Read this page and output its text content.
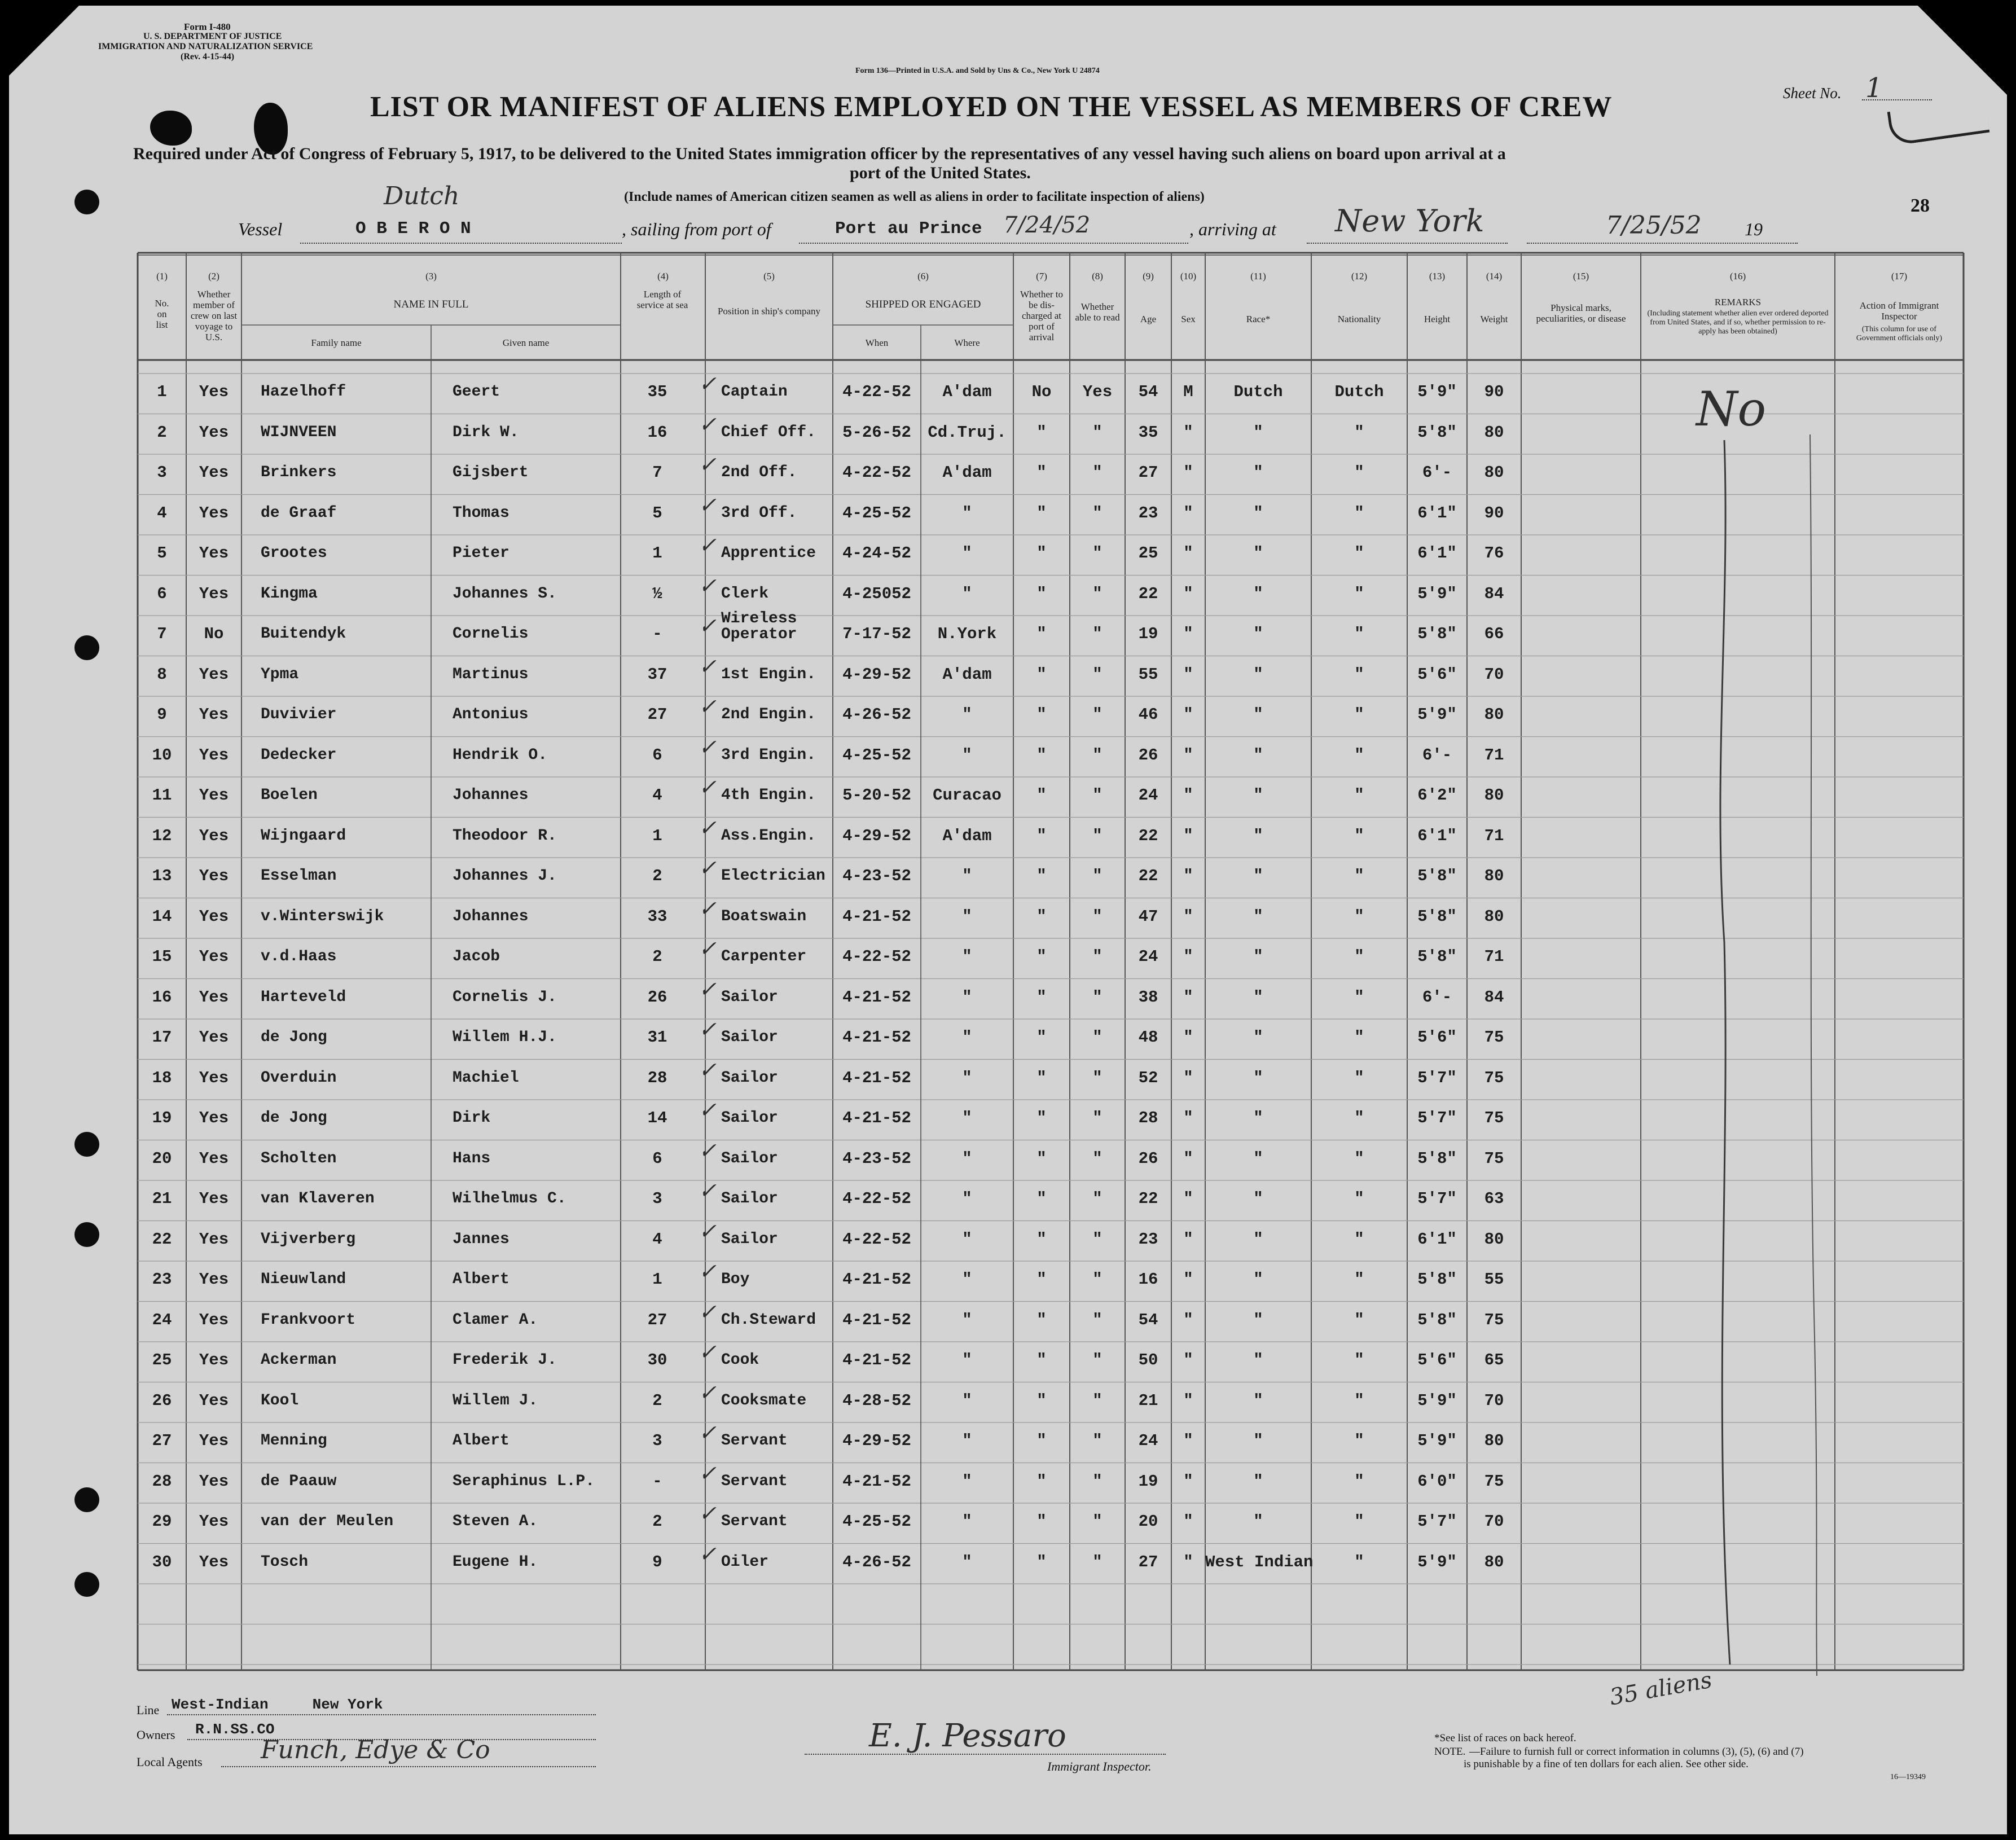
Form I-480
U. S. DEPARTMENT OF JUSTICE
IMMIGRATION AND NATURALIZATION SERVICE
(Rev. 4-15-44)
Form 136—Printed in U.S.A. and Sold by Uns & Co., New York U 24874
Sheet No. 1
LIST OR MANIFEST OF ALIENS EMPLOYED ON THE VESSEL AS MEMBERS OF CREW
Required under Act of Congress of February 5, 1917, to be delivered to the United States immigration officer by the representatives of any vessel having such aliens on board upon arrival at a
port of the United States.
(Include names of American citizen seamen as well as aliens in order to facilitate inspection of aliens)	28
Vessel
Dutch
O B E R O N	, sailing from port of	Port au Prince 7/24/52	, arriving at New York	7/25/52 19
(1)	(2)	(3)	(4)	(5)	(6)	(7)	(8)	(9)	(10)	(11)	(12)	(13)	(14)	(15)	(16)	(17)
No. on list
Whether member of crew on last voyage to U.S.
NAME IN FULL
Family name	Given name
Length of service at sea
Position in ship's company
SHIPPED OR ENGAGED
When	Where
Whether to be dis-charged at port of arrival
Whether able to read	Age	Sex	Race*	Nationality	Height	Weight
Physical marks, peculiarities, or disease
REMARKS
(Including statement whether alien ever ordered deported from United States, and if so, whether permission to re-apply has been obtained)
Action of Immigrant Inspector
(This column for use of Government officials only)
1	Yes	Hazelhoff	Geert	35	Captain	4-22-52	A'dam	No	Yes	54	M	Dutch	Dutch	5'9"	90
✓
2	Yes	WIJNVEEN	Dirk W.	16	Chief Off.	5-26-52	Cd.Truj.	"	"	35	"	"	"	5'8"	80
✓
3	Yes	Brinkers	Gijsbert	7	2nd Off.	4-22-52	A'dam	"	"	27	"	"	"	6'-	80
✓
4	Yes	de Graaf	Thomas	5	3rd Off.	4-25-52	"	"	"	23	"	"	"	6'1"	90
✓
5	Yes	Grootes	Pieter	1	Apprentice	4-24-52	"	"	"	25	"	"	"	6'1"	76
✓
6	Yes	Kingma	Johannes S.	½	Clerk	4-25052	"	"	"	22	"	"	"	5'9"	84
✓
7	No	Buitendyk	Cornelis	-
Wireless
Operator	7-17-52	N.York	"	"	19	"	"	"	5'8"	66
✓
8	Yes	Ypma	Martinus	37	1st Engin.	4-29-52	A'dam	"	"	55	"	"	"	5'6"	70
✓
9	Yes	Duvivier	Antonius	27	2nd Engin.	4-26-52	"	"	"	46	"	"	"	5'9"	80
✓
10	Yes	Dedecker	Hendrik O.	6	3rd Engin.	4-25-52	"	"	"	26	"	"	"	6'-	71
✓
11	Yes	Boelen	Johannes	4	4th Engin.	5-20-52	Curacao	"	"	24	"	"	"	6'2"	80
✓
12	Yes	Wijngaard	Theodoor R.	1	Ass.Engin.	4-29-52	A'dam	"	"	22	"	"	"	6'1"	71
✓
13	Yes	Esselman	Johannes J.	2	Electrician	4-23-52	"	"	"	22	"	"	"	5'8"	80
✓
14	Yes	v.Winterswijk	Johannes	33	Boatswain	4-21-52	"	"	"	47	"	"	"	5'8"	80
✓
15	Yes	v.d.Haas	Jacob	2	Carpenter	4-22-52	"	"	"	24	"	"	"	5'8"	71
✓
16	Yes	Harteveld	Cornelis J.	26	Sailor	4-21-52	"	"	"	38	"	"	"	6'-	84
✓
17	Yes	de Jong	Willem H.J.	31	Sailor	4-21-52	"	"	"	48	"	"	"	5'6"	75
✓
18	Yes	Overduin	Machiel	28	Sailor	4-21-52	"	"	"	52	"	"	"	5'7"	75
✓
19	Yes	de Jong	Dirk	14	Sailor	4-21-52	"	"	"	28	"	"	"	5'7"	75
✓
20	Yes	Scholten	Hans	6	Sailor	4-23-52	"	"	"	26	"	"	"	5'8"	75
✓
21	Yes	van Klaveren	Wilhelmus C.	3	Sailor	4-22-52	"	"	"	22	"	"	"	5'7"	63
✓
22	Yes	Vijverberg	Jannes	4	Sailor	4-22-52	"	"	"	23	"	"	"	6'1"	80
✓
23	Yes	Nieuwland	Albert	1	Boy	4-21-52	"	"	"	16	"	"	"	5'8"	55
✓
24	Yes	Frankvoort	Clamer A.	27	Ch.Steward	4-21-52	"	"	"	54	"	"	"	5'8"	75
✓
25	Yes	Ackerman	Frederik J.	30	Cook	4-21-52	"	"	"	50	"	"	"	5'6"	65
✓
26	Yes	Kool	Willem J.	2	Cooksmate	4-28-52	"	"	"	21	"	"	"	5'9"	70
✓
27	Yes	Menning	Albert	3	Servant	4-29-52	"	"	"	24	"	"	"	5'9"	80
✓
28	Yes	de Paauw	Seraphinus L.P.	-	Servant	4-21-52	"	"	"	19	"	"	"	6'0"	75
✓
29	Yes	van der Meulen	Steven A.	2	Servant	4-25-52	"	"	"	20	"	"	"	5'7"	70
✓
30	Yes	Tosch	Eugene H.	9	Oiler	4-26-52	"	"	"	27	" West Indian	"	5'9"	80
✓
No
35 aliens
Line West-Indian     New York
Owners R.N.SS.CO
Local Agents Funch, Edye & Co	E. J. Pessaro
Immigrant Inspector.
*See list of races on back hereof.
NOTE. —Failure to furnish full or correct information in columns (3), (5), (6) and (7)
is punishable by a fine of ten dollars for each alien. See other side.
16—19349
